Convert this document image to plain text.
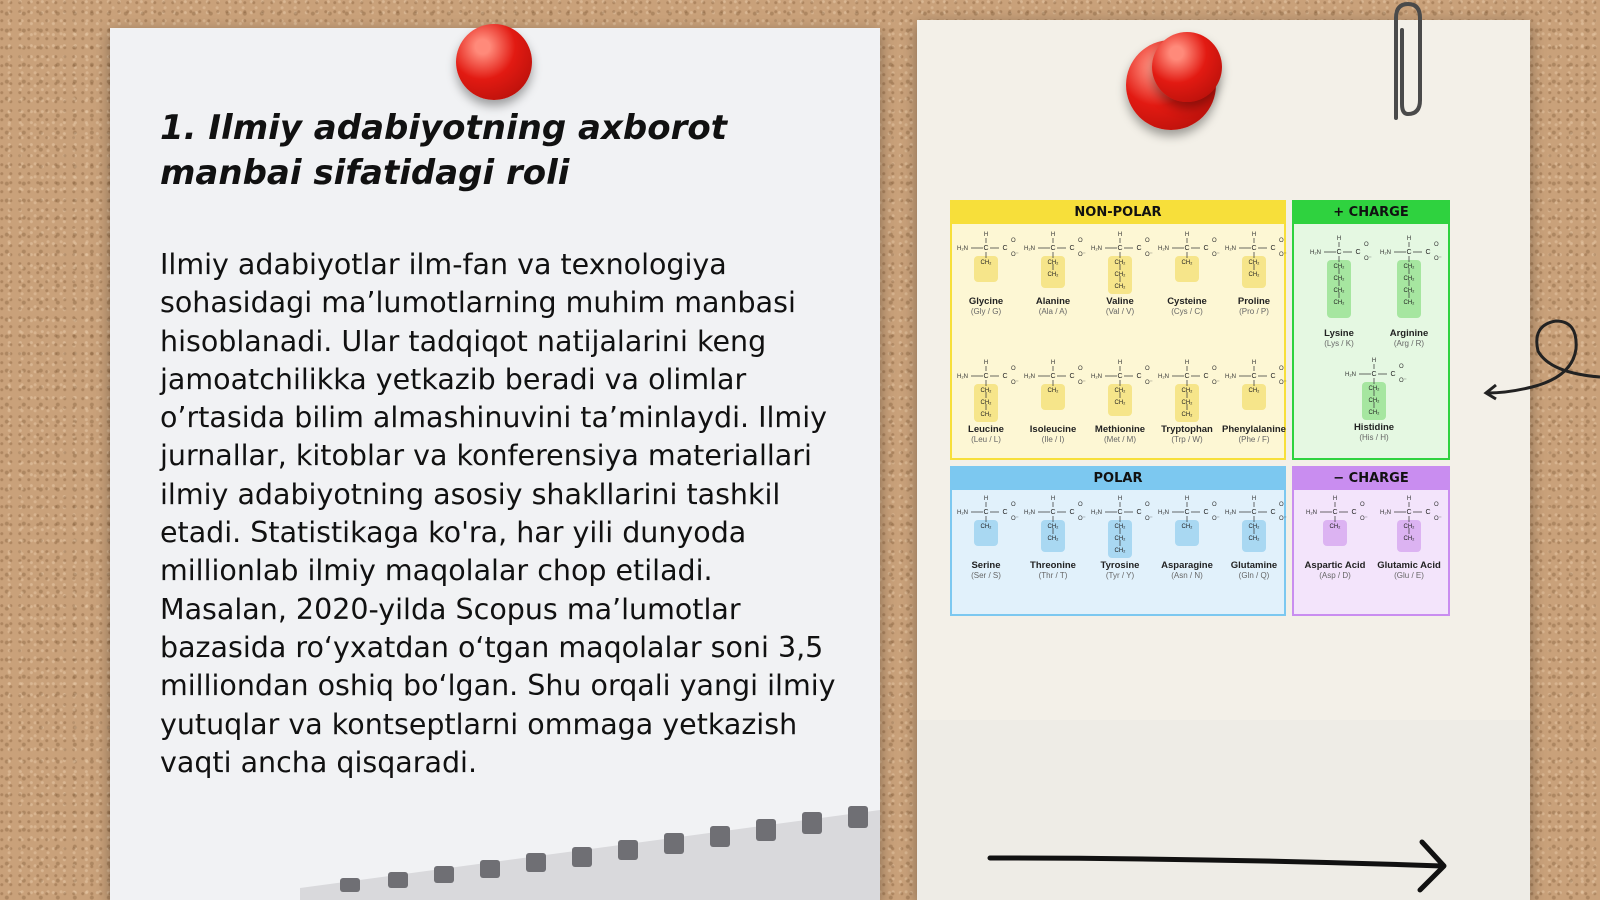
1. Ilmiy adabiyotning axborot manbai sifatidagi roli

Ilmiy adabiyotlar ilm-fan va texnologiya sohasidagi ma’lumotlarning muhim manbasi hisoblanadi. Ular tadqiqot natijalarini keng jamoatchilikka yetkazib beradi va olimlar o’rtasida bilim almashinuvini ta’minlaydi. Ilmiy jurnallar, kitoblar va konferensiya materiallari ilmiy adabiyotning asosiy shakllarini tashkil etadi. Statistikaga ko'ra, har yili dunyoda millionlab ilmiy maqolalar chop etiladi. Masalan, 2020-yilda Scopus ma’lumotlar bazasida ro‘yxatdan o‘tgan maqolalar soni 3,5 milliondan oshiq bo‘lgan. Shu orqali yangi ilmiy yutuqlar va kontseptlarni ommaga yetkazish vaqti ancha qisqaradi.

NON-POLAR
H
H₂N C C
O
O⁻
CH₂
Glycine
(Gly / G)
H
H₂N C C
O
O⁻
CH₂
CH₂
Alanine
(Ala / A)
H
H₂N C C
O
O⁻
CH₂
CH₂
CH₂
Valine
(Val / V)
H
H₂N C C
O
O⁻
CH₂
Cysteine
(Cys / C)
H
H₂N C C
O
O⁻
CH₂
CH₂
Proline
(Pro / P)
H
H₂N C C
O
O⁻
CH₂
CH₂
CH₂
Leucine
(Leu / L)
H
H₂N C C
O
O⁻
CH₂
Isoleucine
(Ile / I)
H
H₂N C C
O
O⁻
CH₂
CH₂
Methionine
(Met / M)
H
H₂N C C
O
O⁻
CH₂
CH₂
CH₂
Tryptophan
(Trp / W)
H
H₂N C C
O
O⁻
CH₂
Phenylalanine
(Phe / F)
+ CHARGE
H
H₂N C C
O
O⁻
CH₂
CH₂
CH₂
CH₂
Lysine
(Lys / K)
H
H₂N C C
O
O⁻
CH₂
CH₂
CH₂
CH₂
Arginine
(Arg / R)
H
H₂N C C
O
O⁻
CH₂
CH₂
CH₂
Histidine
(His / H)
POLAR
H
H₂N C C
O
O⁻
CH₂
Serine
(Ser / S)
H
H₂N C C
O
O⁻
CH₂
CH₂
Threonine
(Thr / T)
H
H₂N C C
O
O⁻
CH₂
CH₂
CH₂
Tyrosine
(Tyr / Y)
H
H₂N C C
O
O⁻
CH₂
Asparagine
(Asn / N)
H
H₂N C C
O
O⁻
CH₂
CH₂
Glutamine
(Gln / Q)
− CHARGE
H
H₂N C C
O
O⁻
CH₂
Aspartic Acid
(Asp / D)
H
H₂N C C
O
O⁻
CH₂
CH₂
Glutamic Acid
(Glu / E)
